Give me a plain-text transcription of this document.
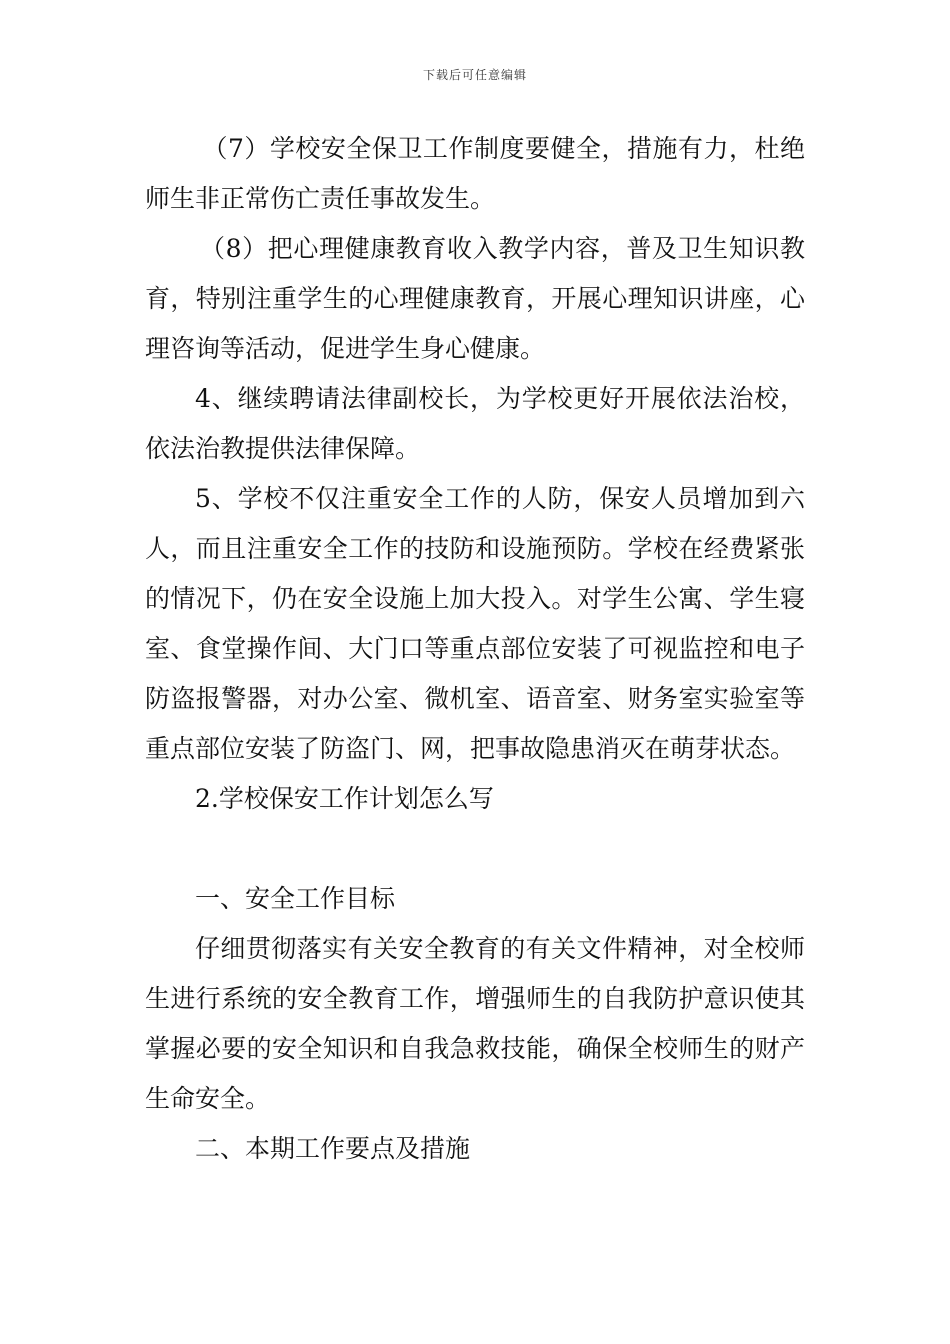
下载后可任意编辑

（7）学校安全保卫工作制度要健全，措施有力，杜绝师生非正常伤亡责任事故发生。

（8）把心理健康教育收入教学内容，普及卫生知识教育，特别注重学生的心理健康教育，开展心理知识讲座，心理咨询等活动，促进学生身心健康。

4、继续聘请法律副校长，为学校更好开展依法治校，依法治教提供法律保障。

5、学校不仅注重安全工作的人防，保安人员增加到六人，而且注重安全工作的技防和设施预防。学校在经费紧张的情况下，仍在安全设施上加大投入。对学生公寓、学生寝室、食堂操作间、大门口等重点部位安装了可视监控和电子防盗报警器，对办公室、微机室、语音室、财务室实验室等重点部位安装了防盗门、网，把事故隐患消灭在萌芽状态。

2.学校保安工作计划怎么写

一、安全工作目标

仔细贯彻落实有关安全教育的有关文件精神，对全校师生进行系统的安全教育工作，增强师生的自我防护意识使其掌握必要的安全知识和自我急救技能，确保全校师生的财产生命安全。

二、本期工作要点及措施
